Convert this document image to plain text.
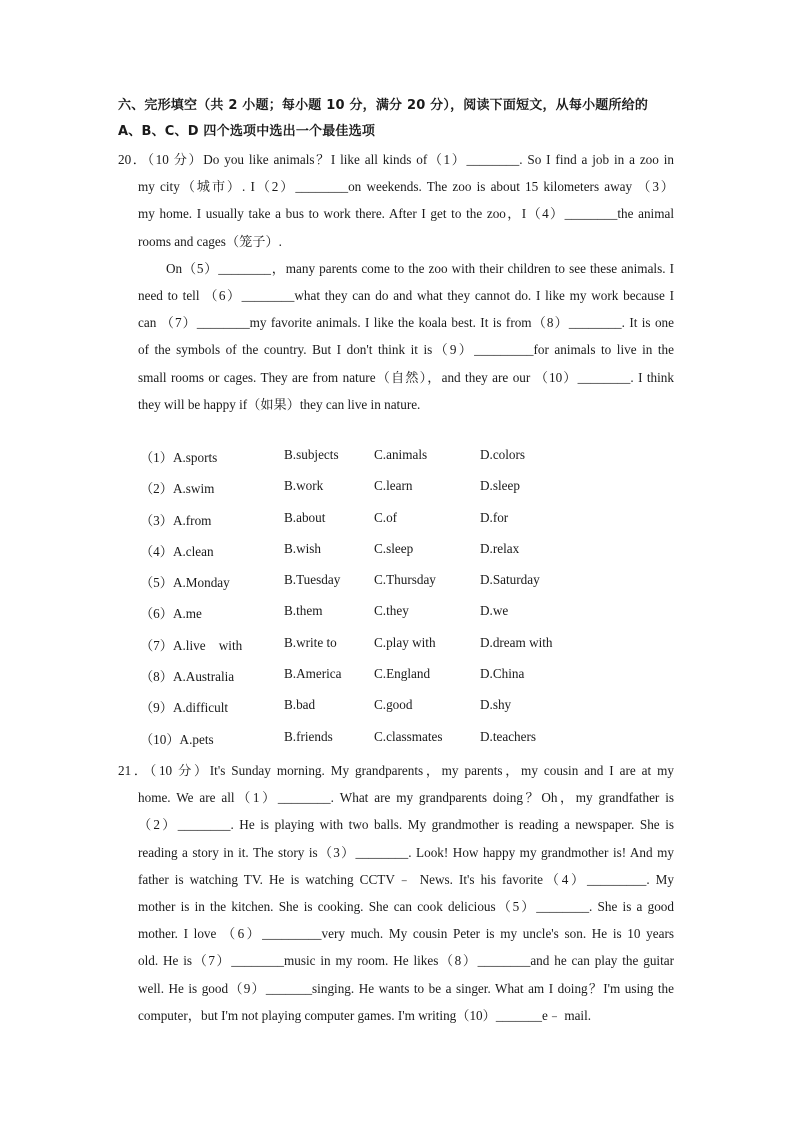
六、完形填空（共 2 小题；每小题 10 分，满分 20 分），阅读下面短文，从每小题所给的
A、B、C、D 四个选项中选出一个最佳选项
20．（10 分）Do you like animals？I like all kinds of（1）________. So I find a job in a zoo in
my city（城市）. I（2）________on weekends. The zoo is about 15 kilometers away （3）
my home. I usually take a bus to work there. After I get to the zoo，I（4）________the animal
rooms and cages（笼子）.
On（5）________，many parents come to the zoo with their children to see these animals. I
need to tell （6）________what they can do and what they cannot do. I like my work because I
can （7）________my favorite animals. I like the koala best. It is from（8）________. It is one
of the symbols of the country. But I don't think it is（9）_________for animals to live in the
small rooms or cages. They are from nature（自然），and they are our （10）________. I think
they will be happy if（如果）they can live in nature.
（1）A.sports	B.subjects	C.animals	D.colors
（2）A.swim	B.work	C.learn	D.sleep
（3）A.from	B.about	C.of	D.for
（4）A.clean	B.wish	C.sleep	D.relax
（5）A.Monday	B.Tuesday	C.Thursday	D.Saturday
（6）A.me	B.them	C.they	D.we
（7）A.live　with	B.write to	C.play with	D.dream with
（8）A.Australia	B.America C.England	D.China
（9）A.difficult	B.bad	C.good	D.shy
（10）A.pets	B.friends	C.classmates	D.teachers
21．（10 分）It's Sunday morning. My grandparents，my parents，my cousin and I are at my
home. We are all（1）________. What are my grandparents doing？Oh，my grandfather is
（2）________. He is playing with two balls. My grandmother is reading a newspaper. She is
reading a story in it. The story is（3）________. Look! How happy my grandmother is! And my
father is watching TV. He is watching CCTV﹣ News. It's his favorite（4）_________. My
mother is in the kitchen. She is cooking. She can cook delicious（5）________. She is a good
mother. I love （6）_________very much. My cousin Peter is my uncle's son. He is 10 years
old. He is（7）________music in my room. He likes（8）________and he can play the guitar
well. He is good（9）_______singing. He wants to be a singer. What am I doing？I'm using the
computer，but I'm not playing computer games. I'm writing（10）_______e﹣ mail.
